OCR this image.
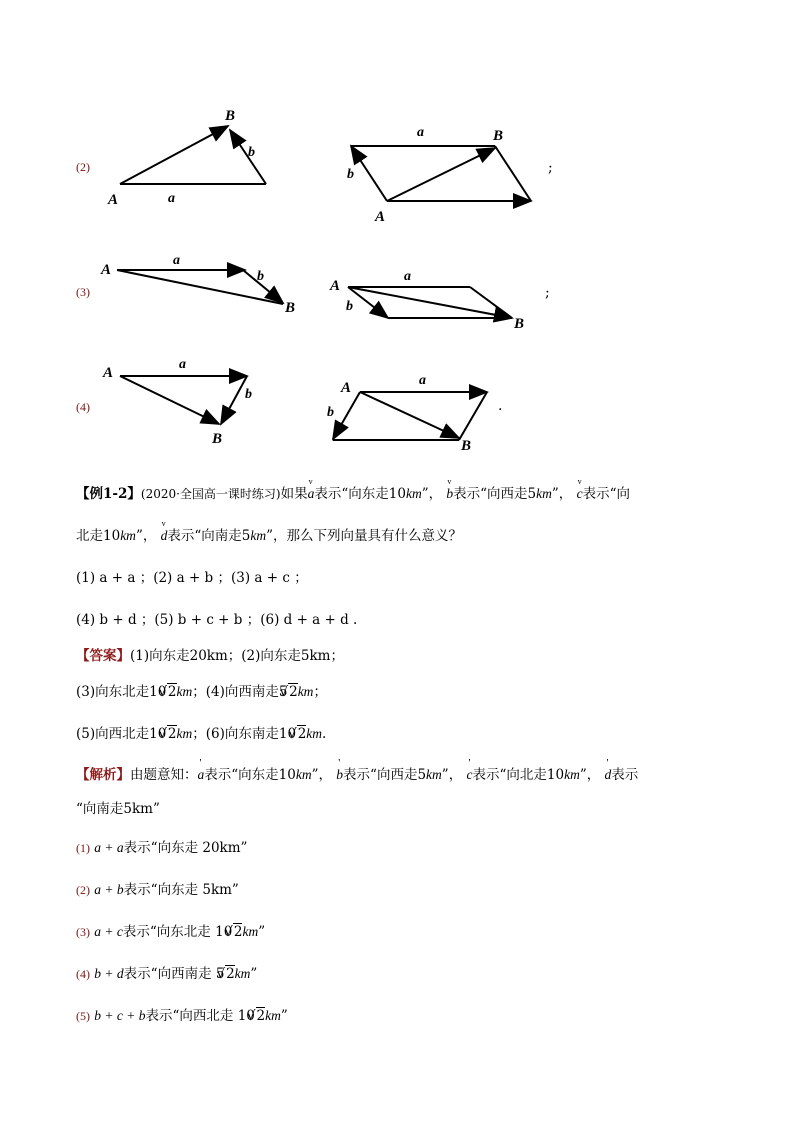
(2)
A
B
b
a
A
B
a
b	;
(3)
A
B
a
b
A
B
a
b
;
(4)
A
B
a
b	A
B
a
b	.
【例1-2】(2020·全国高一课时练习)如果v a表示“向东走10km”， v b表示“向西走5km”， v c表示“向
北走10km”， v d表示“向南走5km”，那么下列向量具有什么意义？
(1) a + a ；(2) a + b ；(3) a + c ；
(4) b + d ；(5) b + c + b ；(6) d + a + d .
【答案】(1)向东走20km；(2)向东走5km；
(3)向东北走10 √ 2km；(4)向西南走5 √ 2km；
(5)向西北走10 √ 2km；(6)向东南走10 √ 2km.
【解析】由题意知：' a表示“向东走10km”， ' b表示“向西走5km”， ' c表示“向北走10km”， ' d表示
“向南走5km”
(1) a + a表示“向东走 20km”
(2) a + b表示“向东走 5km”
(3) a + c表示“向东北走 10 √ 2km”
(4) b + d表示“向西南走 5 √ 2km”
(5) b + c + b表示“向西北走 10 √ 2km”
